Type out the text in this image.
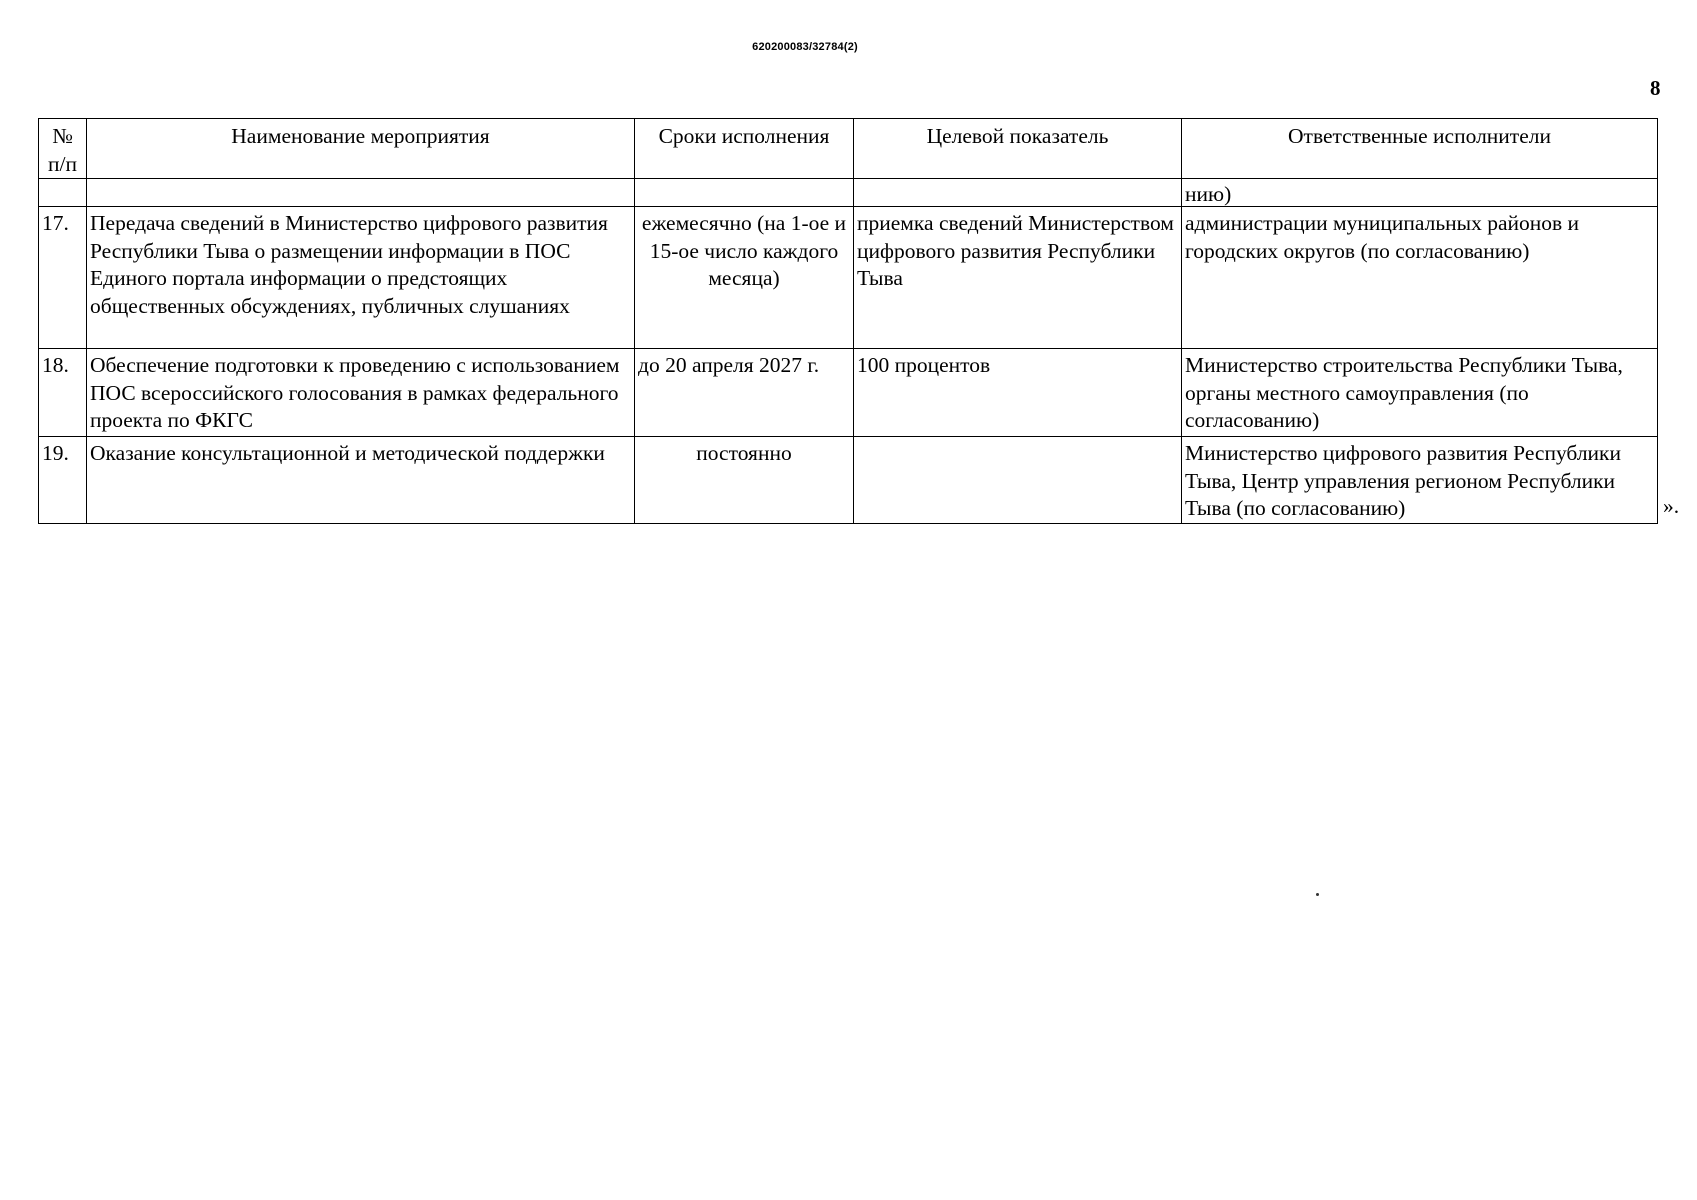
620200083/32784(2)
8
№ п/п	Наименование мероприятия	Сроки исполнения	Целевой показатель	Ответственные исполнители
				нию)
17.	Передача сведений в Министерство цифрового развития Республики Тыва о размещении информации в ПОС Единого портала информации о предстоящих общественных обсуждениях, публичных слушаниях	ежемесячно (на 1-ое и 15-ое число каждого месяца)	приемка сведений Министерством цифрового развития Республики Тыва	администрации муниципальных районов и городских округов (по согласованию)
18.	Обеспечение подготовки к проведению с использованием ПОС всероссийского голосования в рамках федерального проекта по ФКГС	до 20 апреля 2027 г.	100 процентов	Министерство строительства Республики Тыва, органы местного самоуправления (по согласованию)
19.	Оказание консультационной и методической поддержки	постоянно		Министерство цифрового развития Республики Тыва, Центр управления регионом Республики Тыва (по согласованию)	».
